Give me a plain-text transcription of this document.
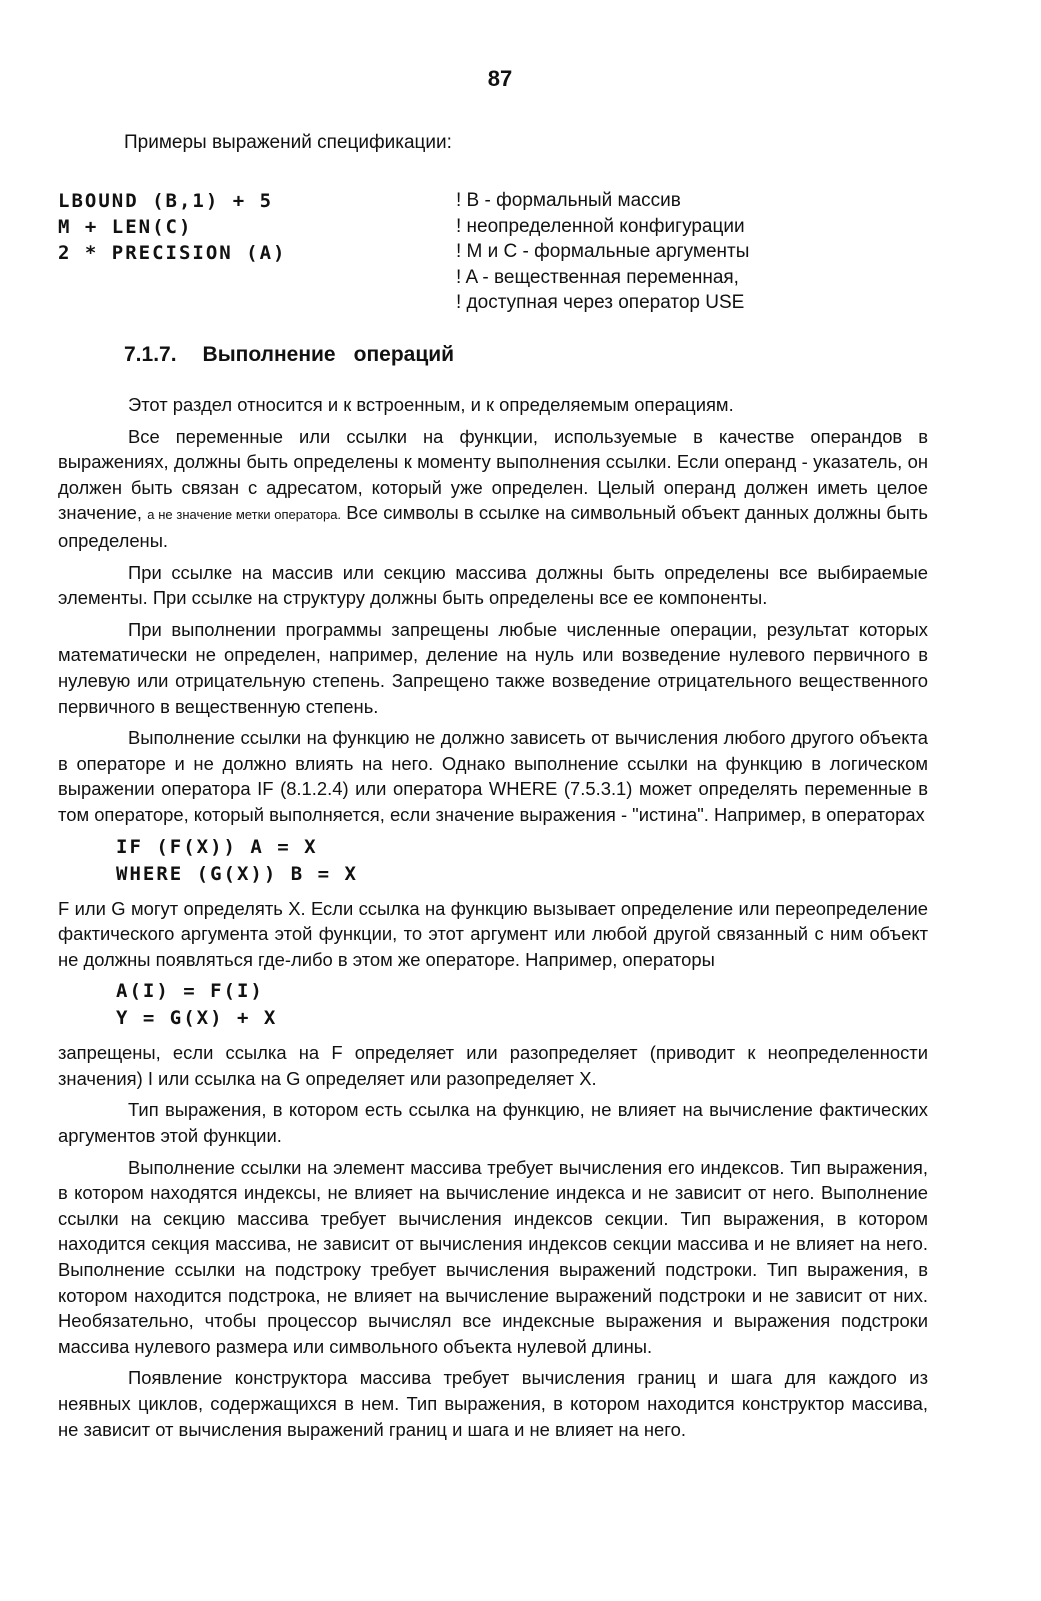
87
Примеры выражений спецификации:
LBOUND (B,1) + 5
M + LEN(C)
2 * PRECISION (A)
! B - формальный массив
! неопределенной конфигурации
! M и C - формальные аргументы
! A - вещественная переменная,
! доступная через оператор USE
7.1.7. Выполнение операций

Этот раздел относится и к встроенным, и к определяемым операциям.

Все переменные или ссылки на функции, используемые в качестве операндов в выражениях, должны быть определены к моменту выполнения ссылки. Если операнд - указатель, он должен быть связан с адресатом, который уже определен. Целый операнд должен иметь целое значение, а не значение метки оператора. Все символы в ссылке на символьный объект данных должны быть определены.

При ссылке на массив или секцию массива должны быть определены все выбираемые элементы. При ссылке на структуру должны быть определены все ее компоненты.

При выполнении программы запрещены любые численные операции, результат которых математически не определен, например, деление на нуль или возведение нулевого первичного в нулевую или отрицательную степень. Запрещено также возведение отрицательного вещественного первичного в вещественную степень.

Выполнение ссылки на функцию не должно зависеть от вычисления любого другого объекта в операторе и не должно влиять на него. Однако выполнение ссылки на функцию в логическом выражении оператора IF (8.1.2.4) или оператора WHERE (7.5.3.1) может определять переменные в том операторе, который выполняется, если значение выражения - "истина". Например, в операторах

IF (F(X)) A = X
WHERE (G(X)) B = X

F или G могут определять X. Если ссылка на функцию вызывает определение или переопределение фактического аргумента этой функции, то этот аргумент или любой другой связанный с ним объект не должны появляться где-либо в этом же операторе. Например, операторы

A(I) = F(I)
Y = G(X) + X

запрещены, если ссылка на F определяет или разопределяет (приводит к неопределенности значения) I или ссылка на G определяет или разопределяет X.

Тип выражения, в котором есть ссылка на функцию, не влияет на вычисление фактических аргументов этой функции.

Выполнение ссылки на элемент массива требует вычисления его индексов. Тип выражения, в котором находятся индексы, не влияет на вычисление индекса и не зависит от него. Выполнение ссылки на секцию массива требует вычисления индексов секции. Тип выражения, в котором находится секция массива, не зависит от вычисления индексов секции массива и не влияет на него. Выполнение ссылки на подстроку требует вычисления выражений подстроки. Тип выражения, в котором находится подстрока, не влияет на вычисление выражений подстроки и не зависит от них. Необязательно, чтобы процессор вычислял все индексные выражения и выражения подстроки массива нулевого размера или символьного объекта нулевой длины.

Появление конструктора массива требует вычисления границ и шага для каждого из неявных циклов, содержащихся в нем. Тип выражения, в котором находится конструктор массива, не зависит от вычисления выражений границ и шага и не влияет на него.
